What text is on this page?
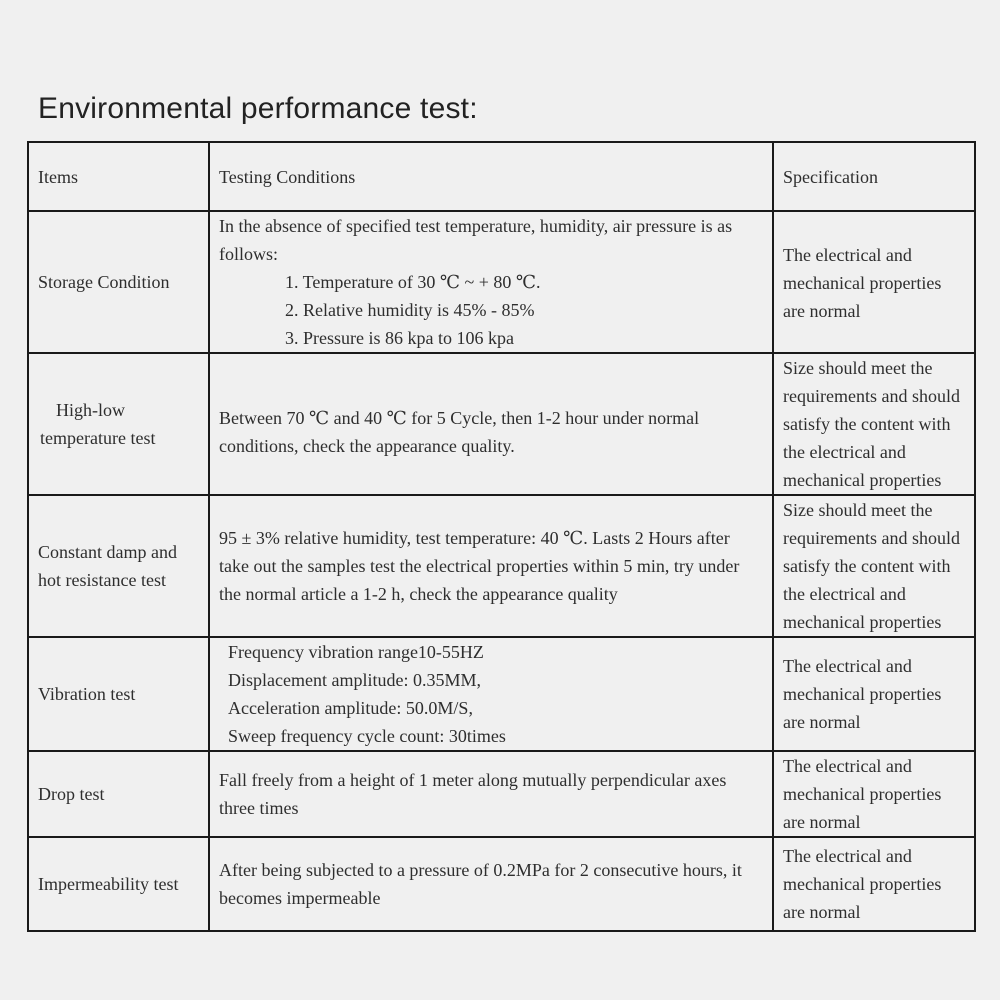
Environmental performance test:
Items	Testing Conditions	Specification
Storage Condition	In the absence of specified test temperature, humidity, air pressure is as follows:
1. Temperature of 30 ℃ ~ + 80 ℃.
2. Relative humidity is 45% - 85%
3. Pressure is 86 kpa to 106 kpa	The electrical and mechanical properties are normal

High-low
temperature test	Between 70 ℃ and 40 ℃ for 5 Cycle, then 1-2 hour under normal conditions, check the appearance quality.	Size should meet the requirements and should satisfy the content with the electrical and mechanical properties
Constant damp and hot resistance test	95 ± 3% relative humidity, test temperature: 40 ℃. Lasts 2 Hours after take out the samples test the electrical properties within 5 min, try under the normal article a 1-2 h, check the appearance quality	Size should meet the requirements and should satisfy the content with the electrical and mechanical properties
Vibration test	Frequency vibration range10-55HZ
Displacement amplitude: 0.35MM,
Acceleration amplitude: 50.0M/S,
Sweep frequency cycle count: 30times	The electrical and mechanical properties are normal
Drop test	Fall freely from a height of 1 meter along mutually perpendicular axes three times	The electrical and mechanical properties are normal
Impermeability test	After being subjected to a pressure of 0.2MPa for 2 consecutive hours, it becomes impermeable	The electrical and mechanical properties are normal
